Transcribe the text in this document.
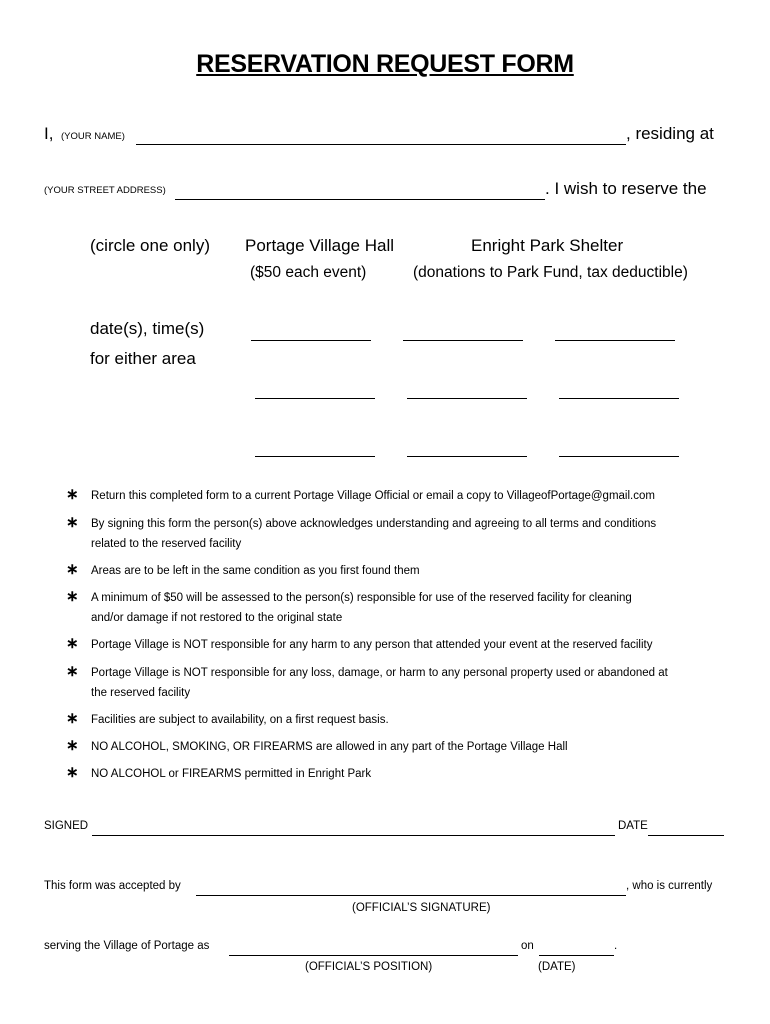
RESERVATION REQUEST FORM
I, (YOUR NAME)	, residing at
(YOUR STREET ADDRESS)	. I wish to reserve the
(circle one only) Portage Village Hall	Enright Park Shelter
($50 each event)	(donations to Park Fund, tax deductible)
date(s), time(s)
for either area
∗ Return this completed form to a current Portage Village Official or email a copy to VillageofPortage@gmail.com
∗ By signing this form the person(s) above acknowledges understanding and agreeing to all terms and conditions
related to the reserved facility
∗ Areas are to be left in the same condition as you first found them
∗ A minimum of $50 will be assessed to the person(s) responsible for use of the reserved facility for cleaning
and/or damage if not restored to the original state
∗ Portage Village is NOT responsible for any harm to any person that attended your event at the reserved facility
∗ Portage Village is NOT responsible for any loss, damage, or harm to any personal property used or abandoned at
the reserved facility
∗ Facilities are subject to availability, on a first request basis.
∗ NO ALCOHOL, SMOKING, OR FIREARMS are allowed in any part of the Portage Village Hall
∗ NO ALCOHOL or FIREARMS permitted in Enright Park
SIGNED	DATE
This form was accepted by	, who is currently
(OFFICIAL’S SIGNATURE)
serving the Village of Portage as	on	.
(OFFICIAL’S POSITION)	(DATE)
